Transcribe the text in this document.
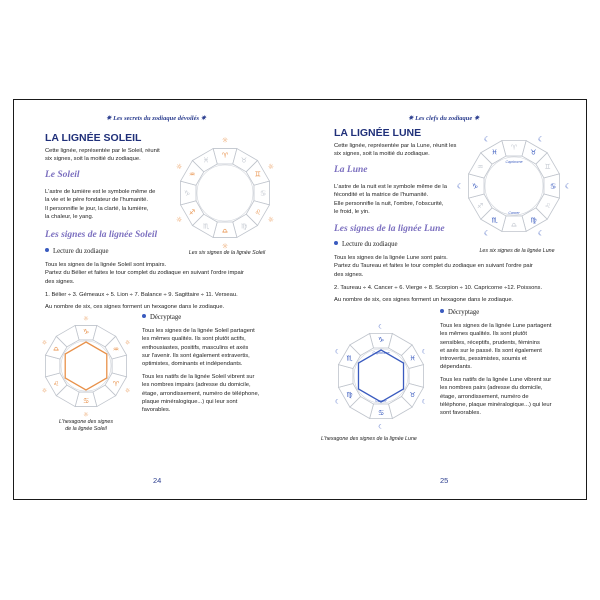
✷ Les secrets du zodiaque dévoilés ✷
LA LIGNÉE SOLEIL

Cette lignée, représentée par le Soleil, réunit

six signes, soit la moitié du zodiaque.

Le Soleil

L'astre de lumière est le symbole même de

la vie et le père fondateur de l'humanité.

Il personnifie le jour, la clarté, la lumière,

la chaleur, le yang.

Les signes de la lignée Soleil
♈
☼
♉
♊
☼
♋
♌
☼
♍
♎
☼
♏
♐
☼
♑
♒
☼
♓
Les six signes de la lignée Soleil
Lecture du zodiaque

Tous les signes de la lignée Soleil sont impairs.

Partez du Bélier et faites le tour complet du zodiaque en suivant l'ordre impair

des signes.

1. Bélier ÷ 3. Gémeaux ÷ 5. Lion ÷ 7. Balance ÷ 9. Sagittaire ÷ 11. Verseau.
Au nombre de six, ces signes forment un hexagone dans le zodiaque.
♑
☼
♒
☼
♈
☼
♋
☼
♌
☼
♎
☼
L'hexagone des signes
de la lignée Soleil
Décryptage

Tous les signes de la lignée Soleil partagent

les mêmes qualités. Ils sont plutôt actifs,

enthousiastes, positifs, masculins et axés

sur l'avenir. Ils sont également extravertis,

optimistes, dominants et indépendants.

Tous les natifs de la lignée Soleil vibrent sur

les nombres impairs (adresse du domicile,

étage, arrondissement, numéro de téléphone,

plaque minéralogique...) qui leur sont

favorables.

24
✷ Les clefs du zodiaque ✷
LA LIGNÉE LUNE

Cette lignée, représentée par la Lune, réunit les

six signes, soit la moitié du zodiaque.

La Lune

L'astre de la nuit est le symbole même de la

fécondité et la matrice de l'humanité.

Elle personnifie la nuit, l'ombre, l'obscurité,

le froid, le yin.

Les signes de la lignée Lune
♈
♉
☾
♊
♋ ☾
♌
♍
☾
♎
♏
☾
♐
♑
☾
♒
♓
☾
Capricorne
Cancer
Les six signes de la lignée Lune
Lecture du zodiaque

Tous les signes de la lignée Lune sont pairs.

Partez du Taureau et faites le tour complet du zodiaque en suivant l'ordre pair

des signes.

2. Taureau ÷ 4. Cancer ÷ 6. Vierge ÷ 8. Scorpion ÷ 10. Capricorne ÷12. Poissons.
Au nombre de six, ces signes forment un hexagone dans le zodiaque.
♑
☾
♓
☾
♉
☾
♋
☾
♍
☾
♏
☾	Capricorne
Cancer
L'hexagone des signes de la lignée Lune
Décryptage

Tous les signes de la lignée Lune partagent

les mêmes qualités. Ils sont plutôt

sensibles, réceptifs, prudents, féminins

et axés sur le passé. Ils sont également

introvertis, pessimistes, soumis et

dépendants.

Tous les natifs de la lignée Lune vibrent sur

les nombres pairs (adresse du domicile,

étage, arrondissement, numéro de

téléphone, plaque minéralogique...) qui leur

sont favorables.

25
